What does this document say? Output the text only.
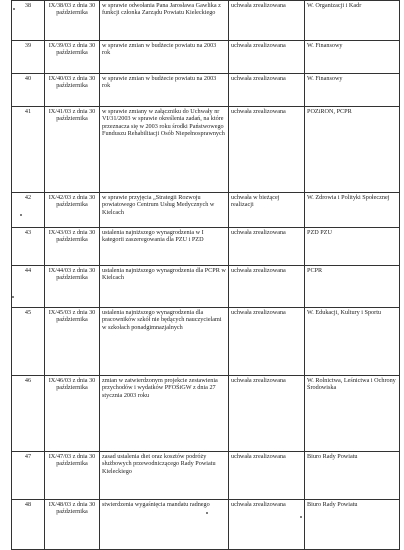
38	IX/38/03 z dnia 30 października	w sprawie odwołania Pana Jarosława Gawlika z funkcji członka Zarządu Powiatu Kieleckiego	uchwała zrealizowana	W. Organizacji i Kadr
39	IX/39/03 z dnia 30 października	w sprawie zmian w budżecie powiatu na 2003 rok	uchwała zrealizowana	W. Finansowy
40	IX/40/03 z dnia 30 października	w sprawie zmian w budżecie powiatu na 2003 rok	uchwała zrealizowana	W. Finansowy
41	IX/41/03 z dnia 30 października	w sprawie zmiany w załączniku do Uchwały nr VI/31/2003 w sprawie określenia zadań, na które przeznacza się w 2003 roku środki Państwowego Funduszu Rehabilitacji Osób Niepełnosprawnych	uchwała zrealizowana	POZiRON, PCPR
42	IX/42/03 z dnia 30 października	w sprawie przyjęcia „Strategii Rozwoju powiatowego Centrum Usług Medycznych w Kielcach	uchwała w bieżącej realizacji	W. Zdrowia i Polityki Społecznej
43	IX/43/03 z dnia 30 października	ustalenia najniższego wynagrodzenia w I kategorii zaszeregowania dla PZU i PZD	uchwała zrealizowana	PZD PZU
44	IX/44/03 z dnia 30 października	ustalenia najniższego wynagrodzenia dla PCPR w Kielcach	uchwała zrealizowana	PCPR
45	IX/45/03 z dnia 30 października	ustalenia najniższego wynagrodzenia dla pracowników szkół nie będących nauczycielami w szkołach ponadgimnazjalnych	uchwała zrealizowana	W. Edukacji, Kultury i Sportu
46	IX/46/03 z dnia 30 października	zmian w zatwierdzonym projekcie zestawienia przychodów i wydatków PFOŚiGW z dnia 27 stycznia 2003 roku	uchwała zrealizowana	W. Rolnictwa, Leśnictwa i Ochrony Środowiska
47	IX/47/03 z dnia 30 października	zasad ustalenia diet oraz kosztów podróży służbowych przewodniczącego Rady Powiatu Kieleckiego	uchwała zrealizowana	Biuro Rady Powiatu
48	IX/48/03 z dnia 30 października	stwierdzenia wygaśnięcia mandatu radnego	uchwała zrealizowana	Biuro Rady Powiatu
